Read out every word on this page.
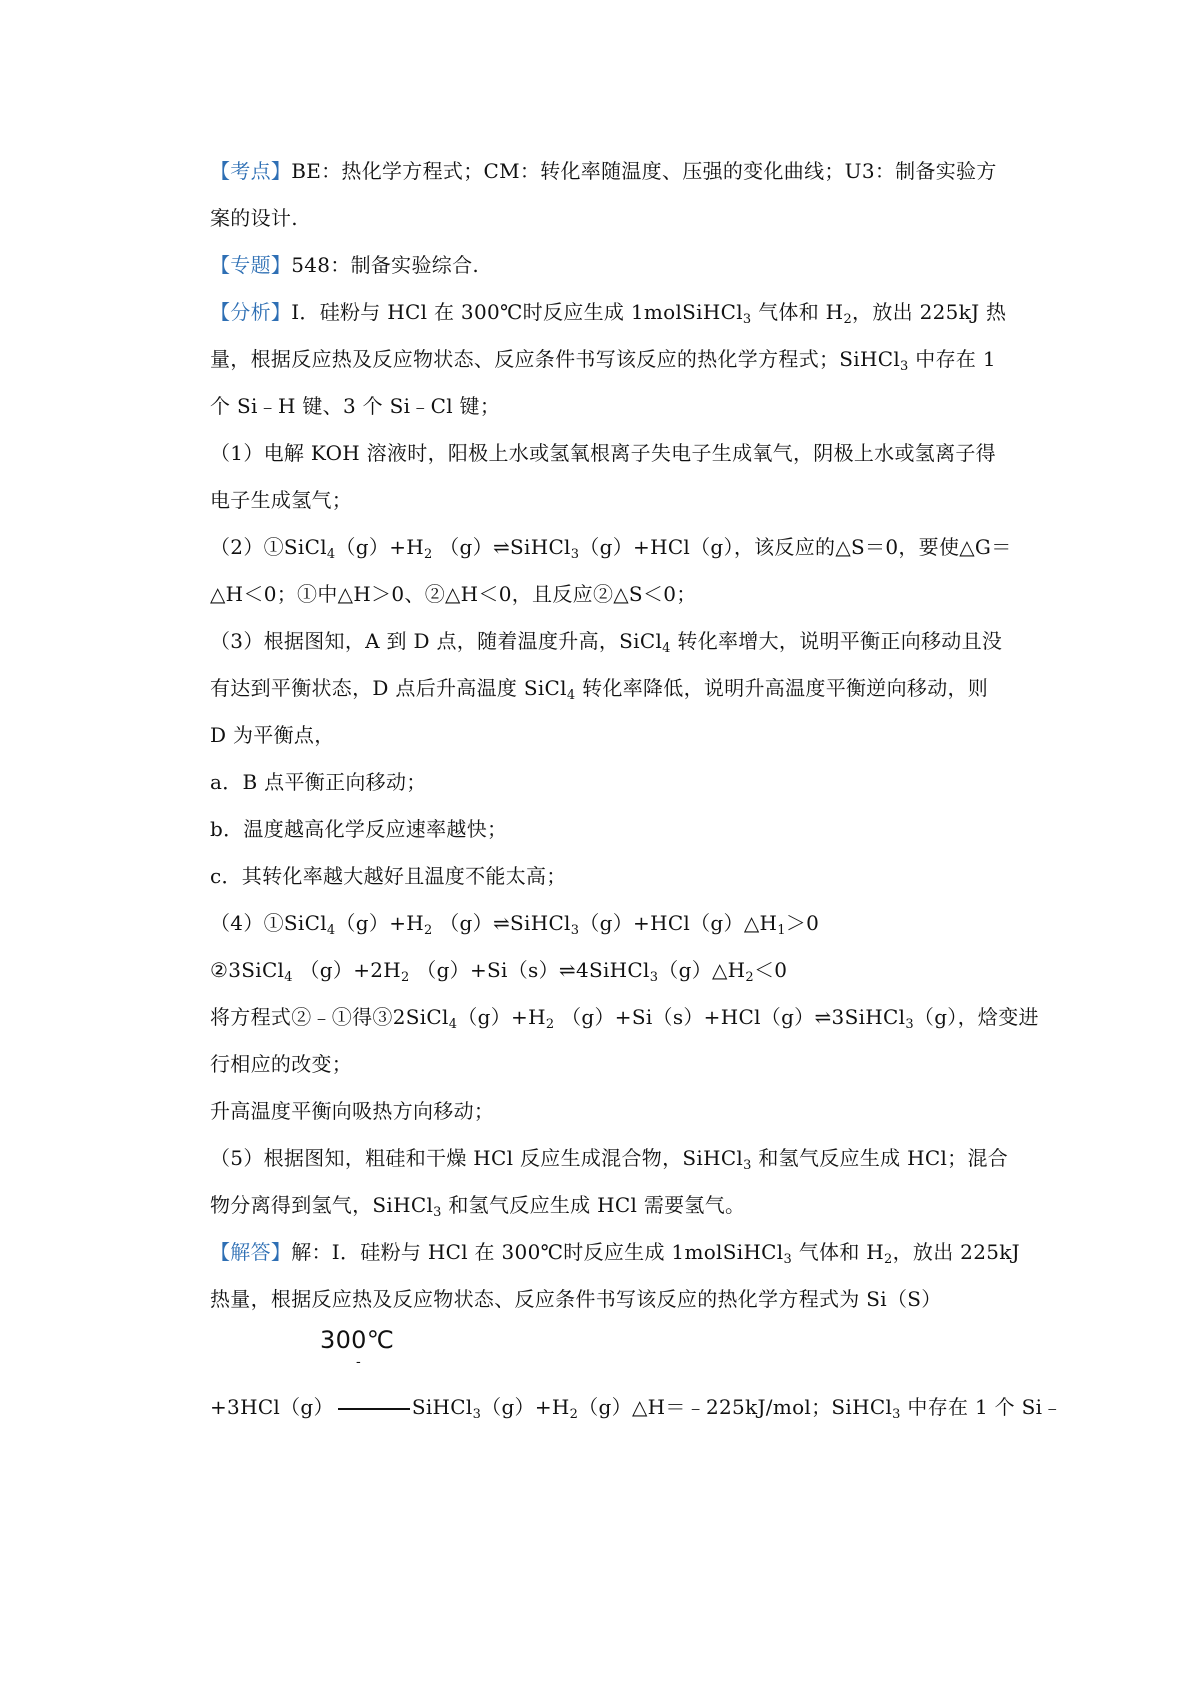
【考点】BE：热化学方程式；CM：转化率随温度、压强的变化曲线；U3：制备实验方
案的设计.
【专题】548：制备实验综合.
【分析】Ⅰ．硅粉与 HCl 在 300℃时反应生成 1molSiHCl$_3$ 气体和 $H_2$，放出 225kJ 热
量，根据反应热及反应物状态、反应条件书写该反应的热化学方程式；SiHCl$_3$ 中存在 1
个 Si﹣H 键、3 个 Si﹣Cl 键；
（1）电解 KOH 溶液时，阳极上水或氢氧根离子失电子生成氧气，阴极上水或氢离子得
电子生成氢气；
$(2)①SiCl_4(g)+H_2$ （g）⇌SiHCl$_3$（g）+HCl（g），该反应的△S＝0，要使△G＝
△H＜0；①中△H＞0、②△H＜0，且反应②△S＜0；
（3）根据图知，A 到 D 点，随着温度升高，SiCl$_4$ 转化率增大，说明平衡正向移动且没
有达到平衡状态，D 点后升高温度 SiCl$_4$ 转化率降低，说明升高温度平衡逆向移动，则
D 为平衡点，
a．B 点平衡正向移动；
b．温度越高化学反应速率越快；
c．其转化率越大越好且温度不能太高；
$(4)①SiCl_4(g)+H_2$ $(g)\rightleftharpoons SiHCl_3(g)+HCl(g)\triangle H_1>0$
②3SiCl$_4$ $(g)+2H_2$ $(g)+Si(s)\rightleftharpoons 4SiHCl_3(g)\triangle H_2<0$
将方程式②﹣①得$③2SiCl_4(g)+H_2$ （g）+Si（s）+HCl（g）⇌3SiHCl$_3$（g），焓变进
行相应的改变；
升高温度平衡向吸热方向移动；
（5）根据图知，粗硅和干燥 HCl 反应生成混合物，SiHCl$_3$ 和氢气反应生成 HCl；混合
物分离得到氢气，SiHCl$_3$ 和氢气反应生成 HCl 需要氢气。
【解答】解：Ⅰ．硅粉与 HCl 在 300℃时反应生成 1molSiHCl$_3$ 气体和 $H_2$，放出 225kJ
热量，根据反应热及反应物状态、反应条件书写该反应的热化学方程式为 Si（S）
300℃
-
+3HCl（g）	$SiHCl_3(g)+H_2(g)\triangle H=﹣225kJ$/mol；SiHCl$_3$ 中存在 1 个 Si﹣
